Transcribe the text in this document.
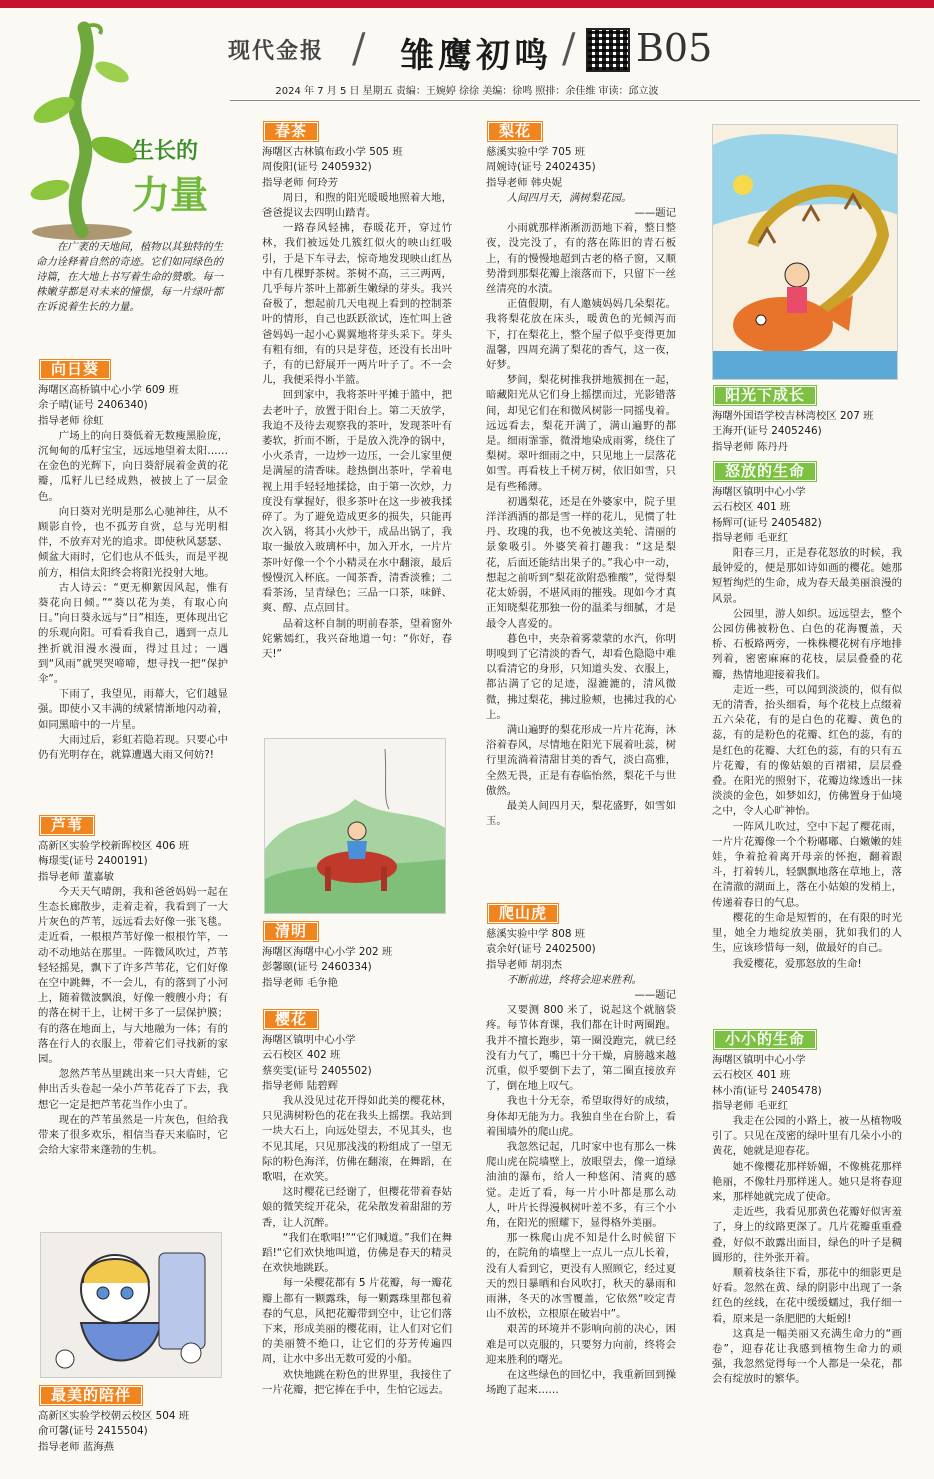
现代金报 / 雏鹰初鸣 / B05
2024 年 7 月 5 日 星期五 责编：王婉婷 徐徐 美编：徐鸣 照排：余佳维 审读：邱立波
生长的
力量
在广袤的天地间，植物以其独特的生命力诠释着自然的奇迹。它们如同绿色的诗篇，在大地上书写着生命的赞歌。每一株嫩芽都是对未来的憧憬，每一片绿叶都在诉说着生长的力量。
向日葵
海曙区高桥镇中心小学 609 班
余子晴(证号 2406340)
指导老师 徐虹

广场上的向日葵低着无数瘦黑脸庞，沉甸甸的瓜籽宝宝，远远地望着太阳……在金色的光辉下，向日葵舒展着金黄的花瓣，瓜籽儿已经成熟，被披上了一层金色。

向日葵对光明是那么心驰神往，从不顾影自怜，也不孤芳自赏，总与光明相伴，不放弃对光的追求。即使秋风瑟瑟、倾盆大雨时，它们也从不低头，而是平视前方，相信太阳终会将阳光投射大地。

古人诗云：“更无柳絮因风起，惟有葵花向日倾。”“葵以花为美，有取心向日。”向日葵永远与“日”相连，更体现出它的乐观向阳。可看看我自己，遇到一点儿挫折就泪漫水漫面，得过且过；一遇到“风雨”就哭哭啼啼，想寻找一把“保护伞”。

下雨了，我望见，雨幕大，它们越显强。即使小又丰满的绒紧情渐地闪动着，如同黑暗中的一片星。

大雨过后，彩虹若隐若现。只要心中仍有光明存在，就算遭遇大雨又何妨?!

芦苇
高新区实验学校新晖校区 406 班
梅璟雯(证号 2400191)
指导老师 董嘉敏

今天天气晴朗，我和爸爸妈妈一起在生态长廊散步，走着走着，我看到了一大片灰色的芦苇，远远看去好像一张飞毯。走近看，一根根芦苇好像一根根竹竿，一动不动地站在那里。一阵微风吹过，芦苇轻轻摇晃，飘下了许多芦苇花，它们好像在空中跳舞，不一会儿，有的落到了小河上，随着微波飘浪，好像一艘艘小舟；有的落在树干上，让树干多了一层保护膜；有的落在地面上，与大地融为一体；有的落在行人的衣服上，带着它们寻找新的家园。

忽然芦苇丛里跳出来一只大青蛙，它伸出舌头卷起一朵小芦苇花吞了下去，我想它一定是把芦苇花当作小虫了。

现在的芦苇虽然是一片灰色，但给我带来了很多欢乐，相信当春天来临时，它会给大家带来蓬勃的生机。

最美的陪伴
高新区实验学校朝云校区 504 班
俞可馨(证号 2415504)
指导老师 蓝海燕
春茶
海曙区古林镇布政小学 505 班
周俊阳(证号 2405932)
指导老师 何玲芳

周日，和煦的阳光暖暖地照着大地，爸爸提议去四明山踏青。

一路春风轻拂，春暖花开，穿过竹林，我们被远处几簇红似火的映山红吸引，于是下车寻去，惊奇地发现映山红丛中有几棵野茶树。茶树不高，三三两两，几乎每片茶叶上都新生嫩绿的芽头。我兴奋极了，想起前几天电视上看到的控制茶叶的情形，自己也跃跃欲试，连忙叫上爸爸妈妈一起小心翼翼地将芽头采下。芽头有粗有细，有的只是芽苞，还没有长出叶子，有的已舒展开一两片叶子了。不一会儿，我便采得小半篮。

回到家中，我将茶叶平摊于篮中，把去老叶子，放置于阳台上。第二天放学，我迫不及待去观察我的茶叶，发现茶叶有萎软，折而不断，于是放入洗净的锅中，小火杀青，一边炒一边压，一会儿家里便是满屋的清香味。趁热倒出茶叶，学着电视上用手轻轻地揉捻，由于第一次炒，力度没有掌握好，很多茶叶在这一步被我揉碎了。为了避免造成更多的损失，只能再次入锅，将其小火炒干，成品出锅了，我取一撮放入玻璃杯中，加入开水，一片片茶叶好像一个个小精灵在水中翻滚，最后慢慢沉入杯底。一闻茶香，清香淡雅；二看茶汤，呈青绿色；三品一口茶，味鲜、爽、醇、点点回甘。

品着这杯自制的明前春茶，望着窗外姹紫嫣红，我兴奋地道一句：“你好，春天!”

清明
海曙区海曙中心小学 202 班
彭馨颐(证号 2460334)
指导老师 毛争艳
樱花
海曙区镇明中心小学
云石校区 402 班
蔡奕雯(证号 2405502)
指导老师 陆碧辉

我从没见过花开得如此美的樱花林，只见满树粉色的花在我头上摇摆。我站到一块大石上，向远处望去，不见其头，也不见其尾，只见那浅浅的粉组成了一望无际的粉色海洋，仿佛在翻滚，在舞蹈，在歌唱，在欢笑。

这时樱花已经谢了，但樱花带着春姑娘的微笑绽开花朵，花朵散发着甜甜的芳香，让人沉醉。

“我们在歌唱!”“它们喊道。”我们在舞蹈!“它们欢快地叫道，仿佛是春天的精灵在欢快地跳跃。

每一朵樱花都有 5 片花瓣，每一瓣花瓣上都有一颗露珠，每一颗露珠里都包着春的气息，风把花瓣带到空中，让它们落下来，形成美丽的樱花雨，让人们对它们的美丽赞不绝口，让它们的芬芳传遍四周，让水中多出无数可爱的小船。

欢快地跳在粉色的世界里，我接住了一片花瓣，把它捧在手中，生怕它远去。

梨花
慈溪实验中学 705 班
周婉诗(证号 2402435)
指导老师 韩央妮
人间四月天，满树梨花园。
——题记

小雨就那样淅淅沥沥地下着，整日整夜，没完没了，有的落在陈旧的青石板上，有的慢慢地超到古老的格子窗，又顺势滑到那梨花瓣上滚落而下，只留下一丝丝清亮的水渍。

正值假期，有人邀姨妈妈几朵梨花。我将梨花放在床头，暖黄色的光倾泻而下，打在梨花上，整个屋子似乎变得更加温馨，四周充满了梨花的香气，这一夜，好梦。

梦间，梨花树推我拼地簇拥在一起，暗藏阳光从它们身上摇摆而过，光影错落间，却见它们在和微风树影一同摇曳着。远远看去，梨花开满了，满山遍野的都是。细雨霏霏，微滑地染成雨雾，绕住了梨树。翠叶细雨之中，只见地上一层落花如雪。再看枝上千树万树，依旧如雪，只是有些稀薄。

初遇梨花，还是在外婆家中，院子里洋洋洒洒的都是雪一样的花儿，见惯了牡丹、玫瑰的我，也不免被这美轮、清丽的景象吸引。外婆笑着打趣我：“这是梨花，后面还能结出果子的。”我心中一动，想起之前听到“梨花欲附恐雅酸”，觉得梨花太娇弱，不堪风雨的摧残。现如今才真正知晓梨花那独一份的温柔与细腻，才是最令人喜爱的。

暮色中，夹杂着雾蒙蒙的水汽，你明明嗅到了它清淡的香气，却看色隐隐中难以看清它的身形，只知道头发、衣服上，都沾满了它的足迹，湿漉漉的，清风微微，拂过梨花，拂过脸颊，也拂过我的心上。

满山遍野的梨花形成一片片花海，沐浴着春风，尽情地在阳光下展着吐蕊，树行里流淌着清甜甘美的香气，淡白高雅，全然无畏，正是有春临怡然，梨花千与世傲然。

最美人间四月天，梨花盛野，如雪如玉。

爬山虎
慈溪实验中学 808 班
袁余好(证号 2402500)
指导老师 胡羽杰
不断前进，终将会迎来胜利。
——题记

又要测 800 米了，说起这个就脑袋疼。每节体育课，我们都在计时两圈跑。我并不擅长跑步，第一圈没跑完，就已经没有力气了，嘴巴十分干燥，肩膀越来越沉重，似乎要倒下去了，第二圈直接放弃了，倒在地上叹气。

我也十分无奈，希望取得好的成绩，身体却无能为力。我独自坐在台阶上，看着围墙外的爬山虎。

我忽然记起，几时家中也有那么一株爬山虎在院墙壁上，放眼望去，像一道绿油油的瀑布，给人一种悠闲、清爽的感觉。走近了看，每一片小叶都是那么动人，叶片长得漫枫树叶差不多，有三个小角，在阳光的照耀下，显得格外美丽。

那一株爬山虎不知是什么时候留下的，在院角的墙壁上一点儿一点儿长着，没有人看到它，更没有人照顾它，经过夏天的烈日暴晒和台风吹打，秋天的暴雨和雨淋，冬天的冰雪覆盖，它依然“咬定青山不放松，立根原在破岩中”。

艰苦的环境并不影响向前的决心，困难是可以克服的，只要努力向前，终将会迎来胜利的曙光。

在这些绿色的回忆中，我重新回到操场跑了起来……

阳光下成长
海曙外国语学校吉林湾校区 207 班
王海开(证号 2405246)
指导老师 陈丹丹
怒放的生命
海曙区镇明中心小学
云石校区 401 班
杨辉可(证号 2405482)
指导老师 毛亚红

阳春三月，正是春花怒放的时候，我最钟爱的，便是那如诗如画的樱花。她那短暂绚烂的生命，成为春天最美丽浪漫的风景。

公园里，游人如织。远远望去，整个公园仿佛被粉色、白色的花海覆盖，天桥、石板路两旁，一株株樱花树有序地排列着，密密麻麻的花枝，层层叠叠的花瓣，热情地迎接着我们。

走近一些，可以闻到淡淡的，似有似无的清香，抬头细看，每个花枝上点缀着五六朵花，有的是白色的花瓣、黄色的蕊，有的是粉色的花瓣、红色的蕊，有的是红色的花瓣、大红色的蕊，有的只有五片花瓣，有的像姑娘的百褶裙，层层叠叠。在阳光的照射下，花瓣边缘透出一抹淡淡的金色，如梦如幻，仿佛置身于仙境之中，令人心旷神怡。

一阵风儿吹过，空中下起了樱花雨，一片片花瓣像一个个粉嘟嘟、白嫩嫩的娃娃，争着抢着离开母亲的怀抱，翻着跟斗，打着转儿，轻飘飘地落在草地上，落在清澈的湖面上，落在小姑娘的发梢上，传递着春日的气息。

樱花的生命是短暂的，在有限的时光里，她全力地绽放美丽，犹如我们的人生，应该珍惜每一刻，做最好的自己。

我爱樱花，爱那怒放的生命!

小小的生命
海曙区镇明中心小学
云石校区 401 班
林小淯(证号 2405478)
指导老师 毛亚红

我走在公园的小路上，被一丛植物吸引了。只见在茂密的绿叶里有几朵小小的黄花，她就是迎春花。

她不像樱花那样娇媚，不像桃花那样艳丽，不像牡丹那样迷人。她只是将春迎来，那样她就完成了使命。

走近些，我看见那黄色花瓣好似害羞了，身上的纹路更深了。几片花瓣重重叠叠，好似不敢露出面目，绿色的叶子是稠圆形的，往外张开着。

顺着枝条往下看，那花中的细影更是好看。忽然在黄、绿的阴影中出现了一条红色的丝线，在花中缓缓蠕过，我仔细一看，原来是一条肥肥的大蚯蚓!

这真是一幅美丽又充满生命力的“画卷”，迎春花让我感到植物生命力的顽强，我忽然觉得每一个人都是一朵花，都会有绽放时的繁华。
